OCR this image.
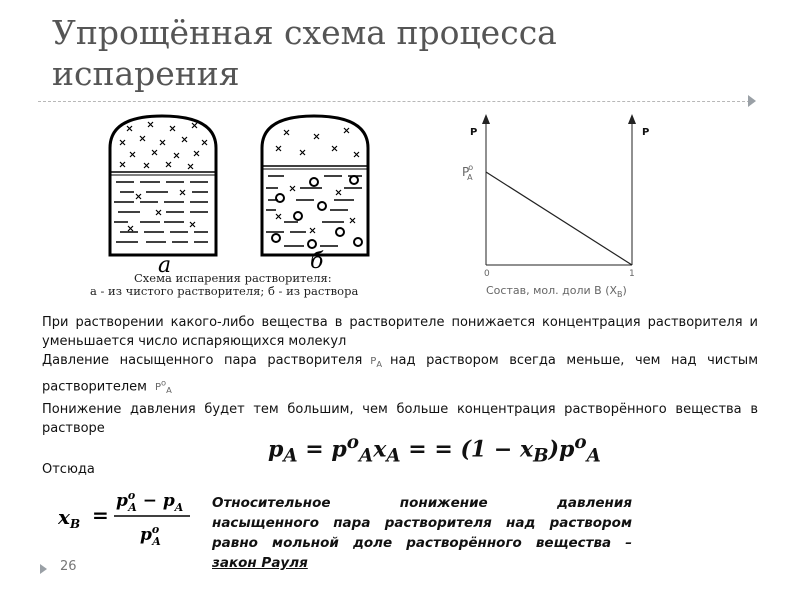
Упрощённая схема процесса испарения
а	б
Схема испарения растворителя:
а - из чистого растворителя; б - из раствора
P	P
Po A
0	1
Состав, мол. доли В $(X_B)$

При растворении какого-либо вещества в растворителе понижается концентрация растворителя и уменьшается число испаряющихся молекул

Давление насыщенного пара растворителя $P_A$ над раствором всегда меньше, чем над чистым растворителем $P^o_A$

Понижение давления будет тем большим, чем больше концентрация растворённого вещества в растворе

$p_A = p^o_Ax_A$ = = $(1 - x_B)p^o_A$
Отсюда
$x_B$ =
$p^o$ $A - p_A$
$p^o$ A
Относительное понижение давления
насыщенного пара растворителя над раствором
равно мольной доле растворённого вещества –
закон Рауля
26
